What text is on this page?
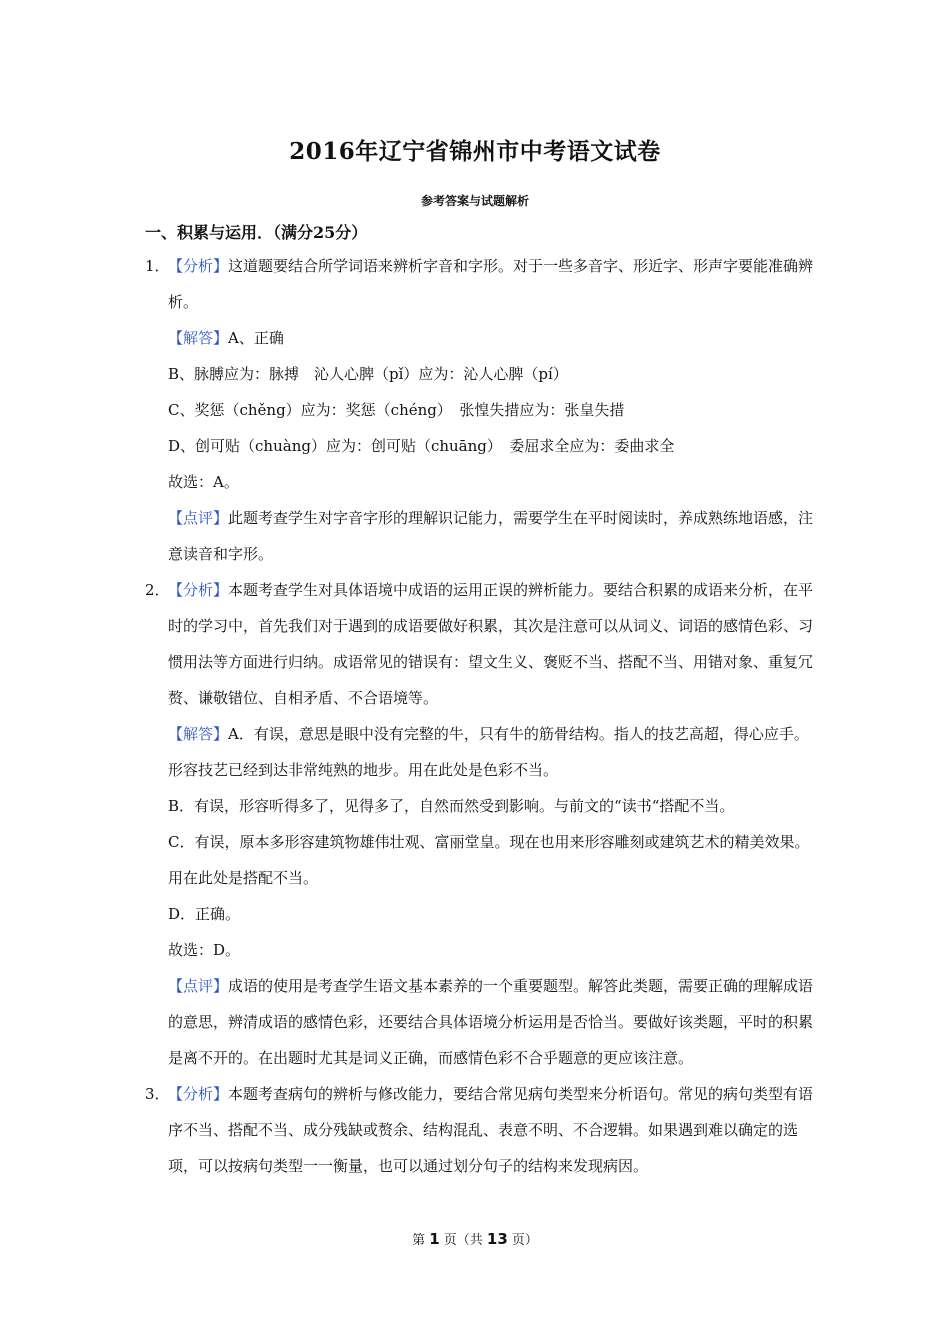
2016年辽宁省锦州市中考语文试卷
参考答案与试题解析
一、积累与运用．（满分25分）
1．

【分析】这道题要结合所学词语来辨析字音和字形。对于一些多音字、形近字、形声字要能准确辨析。

【解答】A、正确

B、脉膊应为：脉搏　沁人心脾（pǐ）应为：沁人心脾（pí）

C、奖惩（chěng）应为：奖惩（chéng）　张惶失措应为：张皇失措

D、创可贴（chuàng）应为：创可贴（chuāng）　委屈求全应为：委曲求全

故选：A。

【点评】此题考查学生对字音字形的理解识记能力，需要学生在平时阅读时，养成熟练地语感，注意读音和字形。

2．

【分析】本题考查学生对具体语境中成语的运用正误的辨析能力。要结合积累的成语来分析，在平时的学习中，首先我们对于遇到的成语要做好积累，其次是注意可以从词义、词语的感情色彩、习惯用法等方面进行归纳。成语常见的错误有：望文生义、褒贬不当、搭配不当、用错对象、重复冗赘、谦敬错位、自相矛盾、不合语境等。

【解答】A．有误，意思是眼中没有完整的牛，只有牛的筋骨结构。指人的技艺高超，得心应手。形容技艺已经到达非常纯熟的地步。用在此处是色彩不当。

B．有误，形容听得多了，见得多了，自然而然受到影响。与前文的“读书“搭配不当。

C．有误，原本多形容建筑物雄伟壮观、富丽堂皇。现在也用来形容雕刻或建筑艺术的精美效果。用在此处是搭配不当。

D．正确。

故选：D。

【点评】成语的使用是考查学生语文基本素养的一个重要题型。解答此类题，需要正确的理解成语的意思，辨清成语的感情色彩，还要结合具体语境分析运用是否恰当。要做好该类题，平时的积累是离不开的。在出题时尤其是词义正确，而感情色彩不合乎题意的更应该注意。

3．

【分析】本题考查病句的辨析与修改能力，要结合常见病句类型来分析语句。常见的病句类型有语序不当、搭配不当、成分残缺或赘余、结构混乱、表意不明、不合逻辑。如果遇到难以确定的选项，可以按病句类型一一衡量，也可以通过划分句子的结构来发现病因。

第 1 页（共 13 页）
